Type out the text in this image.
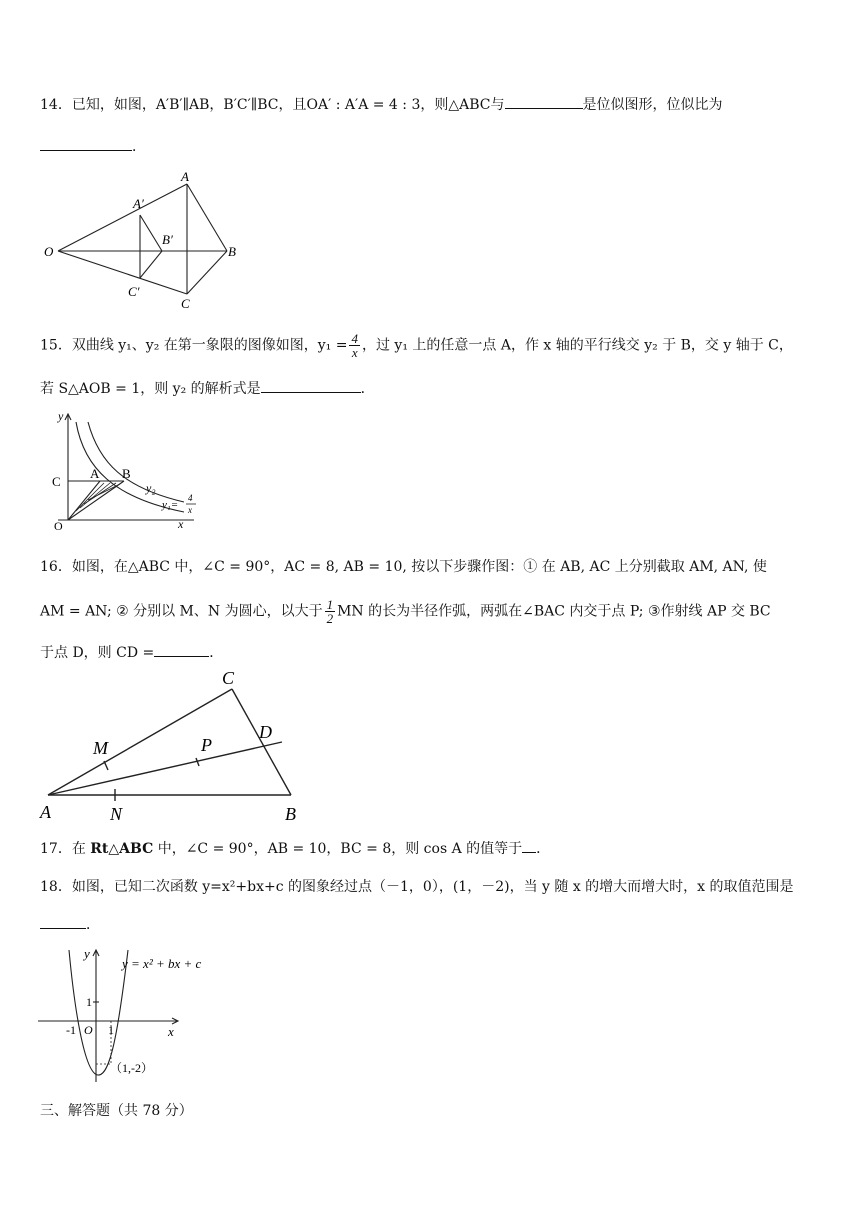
14．已知，如图，A′B′∥AB，B′C′∥BC，且OA′ : A′A = 4 : 3，则△ABC与	是位似图形，位似比为
．
O
A′
A
B′
B
C′
C
15．双曲线 y₁、y₂ 在第一象限的图像如图，$y_1 = \frac{4}{x}$ ，过 y₁ 上的任意一点 A，作 x 轴的平行线交 y₂ 于 B，交 y 轴于 C，
若 S△AOB = 1，则 y₂ 的解析式是	．
y
C
A B
y₂
y₁=
4
x
O	x
16．如图，在△ABC 中，∠C = 90°，AC = 8, AB = 10, 按以下步骤作图：① 在 AB, AC 上分别截取 AM, AN, 使
AM = AN; ② 分别以 M、N 为圆心，以大于 $\frac{1}{2}$ MN 的长为半径作弧，两弧在∠BAC 内交于点 P; ③作射线 AP 交 BC
于点 D，则 CD =	．
C
M	P
D
A	N	B
17．在 Rt△ABC 中，∠C = 90°，AB = 10，BC = 8，则 cos A 的值等于 ．
18．如图，已知二次函数 y=x²+bx+c 的图象经过点（－1，0），(1，－2)，当 y 随 x 的增大而增大时，x 的取值范围是
．
y
y = x² + bx + c
1
-1 O 1	x
（1,-2）
三、解答题（共 78 分）
